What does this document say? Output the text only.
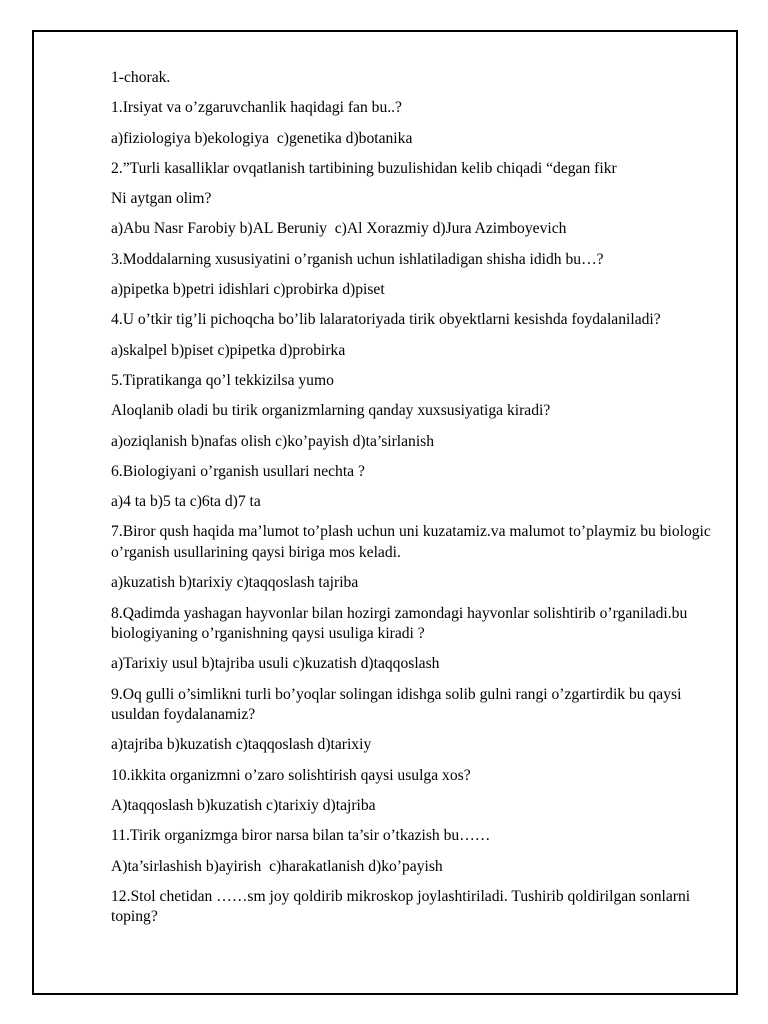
1-chorak.

1.Irsiyat va o’zgaruvchanlik haqidagi fan bu..?

a)fiziologiya b)ekologiya  c)genetika d)botanika

2.”Turli kasalliklar ovqatlanish tartibining buzulishidan kelib chiqadi “degan fikr

Ni aytgan olim?

a)Abu Nasr Farobiy b)AL Beruniy  c)Al Xorazmiy d)Jura Azimboyevich

3.Moddalarning xususiyatini o’rganish uchun ishlatiladigan shisha ididh bu…?

a)pipetka b)petri idishlari c)probirka d)piset

4.U o’tkir tig’li pichoqcha bo’lib lalaratoriyada tirik obyektlarni kesishda foydalaniladi?

a)skalpel b)piset c)pipetka d)probirka

5.Tipratikanga qo’l tekkizilsa yumo

Aloqlanib oladi bu tirik organizmlarning qanday xuxsusiyatiga kiradi?

a)oziqlanish b)nafas olish c)ko’payish d)ta’sirlanish

6.Biologiyani o’rganish usullari nechta ?

a)4 ta b)5 ta c)6ta d)7 ta

7.Biror qush haqida ma’lumot to’plash uchun uni kuzatamiz.va malumot to’playmiz bu biologic o’rganish usullarining qaysi biriga mos keladi.

a)kuzatish b)tarixiy c)taqqoslash tajriba

8.Qadimda yashagan hayvonlar bilan hozirgi zamondagi hayvonlar solishtirib o’rganiladi.bu biologiyaning o’rganishning qaysi usuliga kiradi ?

a)Tarixiy usul b)tajriba usuli c)kuzatish d)taqqoslash

9.Oq gulli o’simlikni turli bo’yoqlar solingan idishga solib gulni rangi o’zgartirdik bu qaysi usuldan foydalanamiz?

a)tajriba b)kuzatish c)taqqoslash d)tarixiy

10.ikkita organizmni o’zaro solishtirish qaysi usulga xos?

A)taqqoslash b)kuzatish c)tarixiy d)tajriba

11.Tirik organizmga biror narsa bilan ta’sir o’tkazish bu……

A)ta’sirlashish b)ayirish  c)harakatlanish d)ko’payish

12.Stol chetidan ……sm joy qoldirib mikroskop joylashtiriladi. Tushirib qoldirilgan sonlarni toping?
